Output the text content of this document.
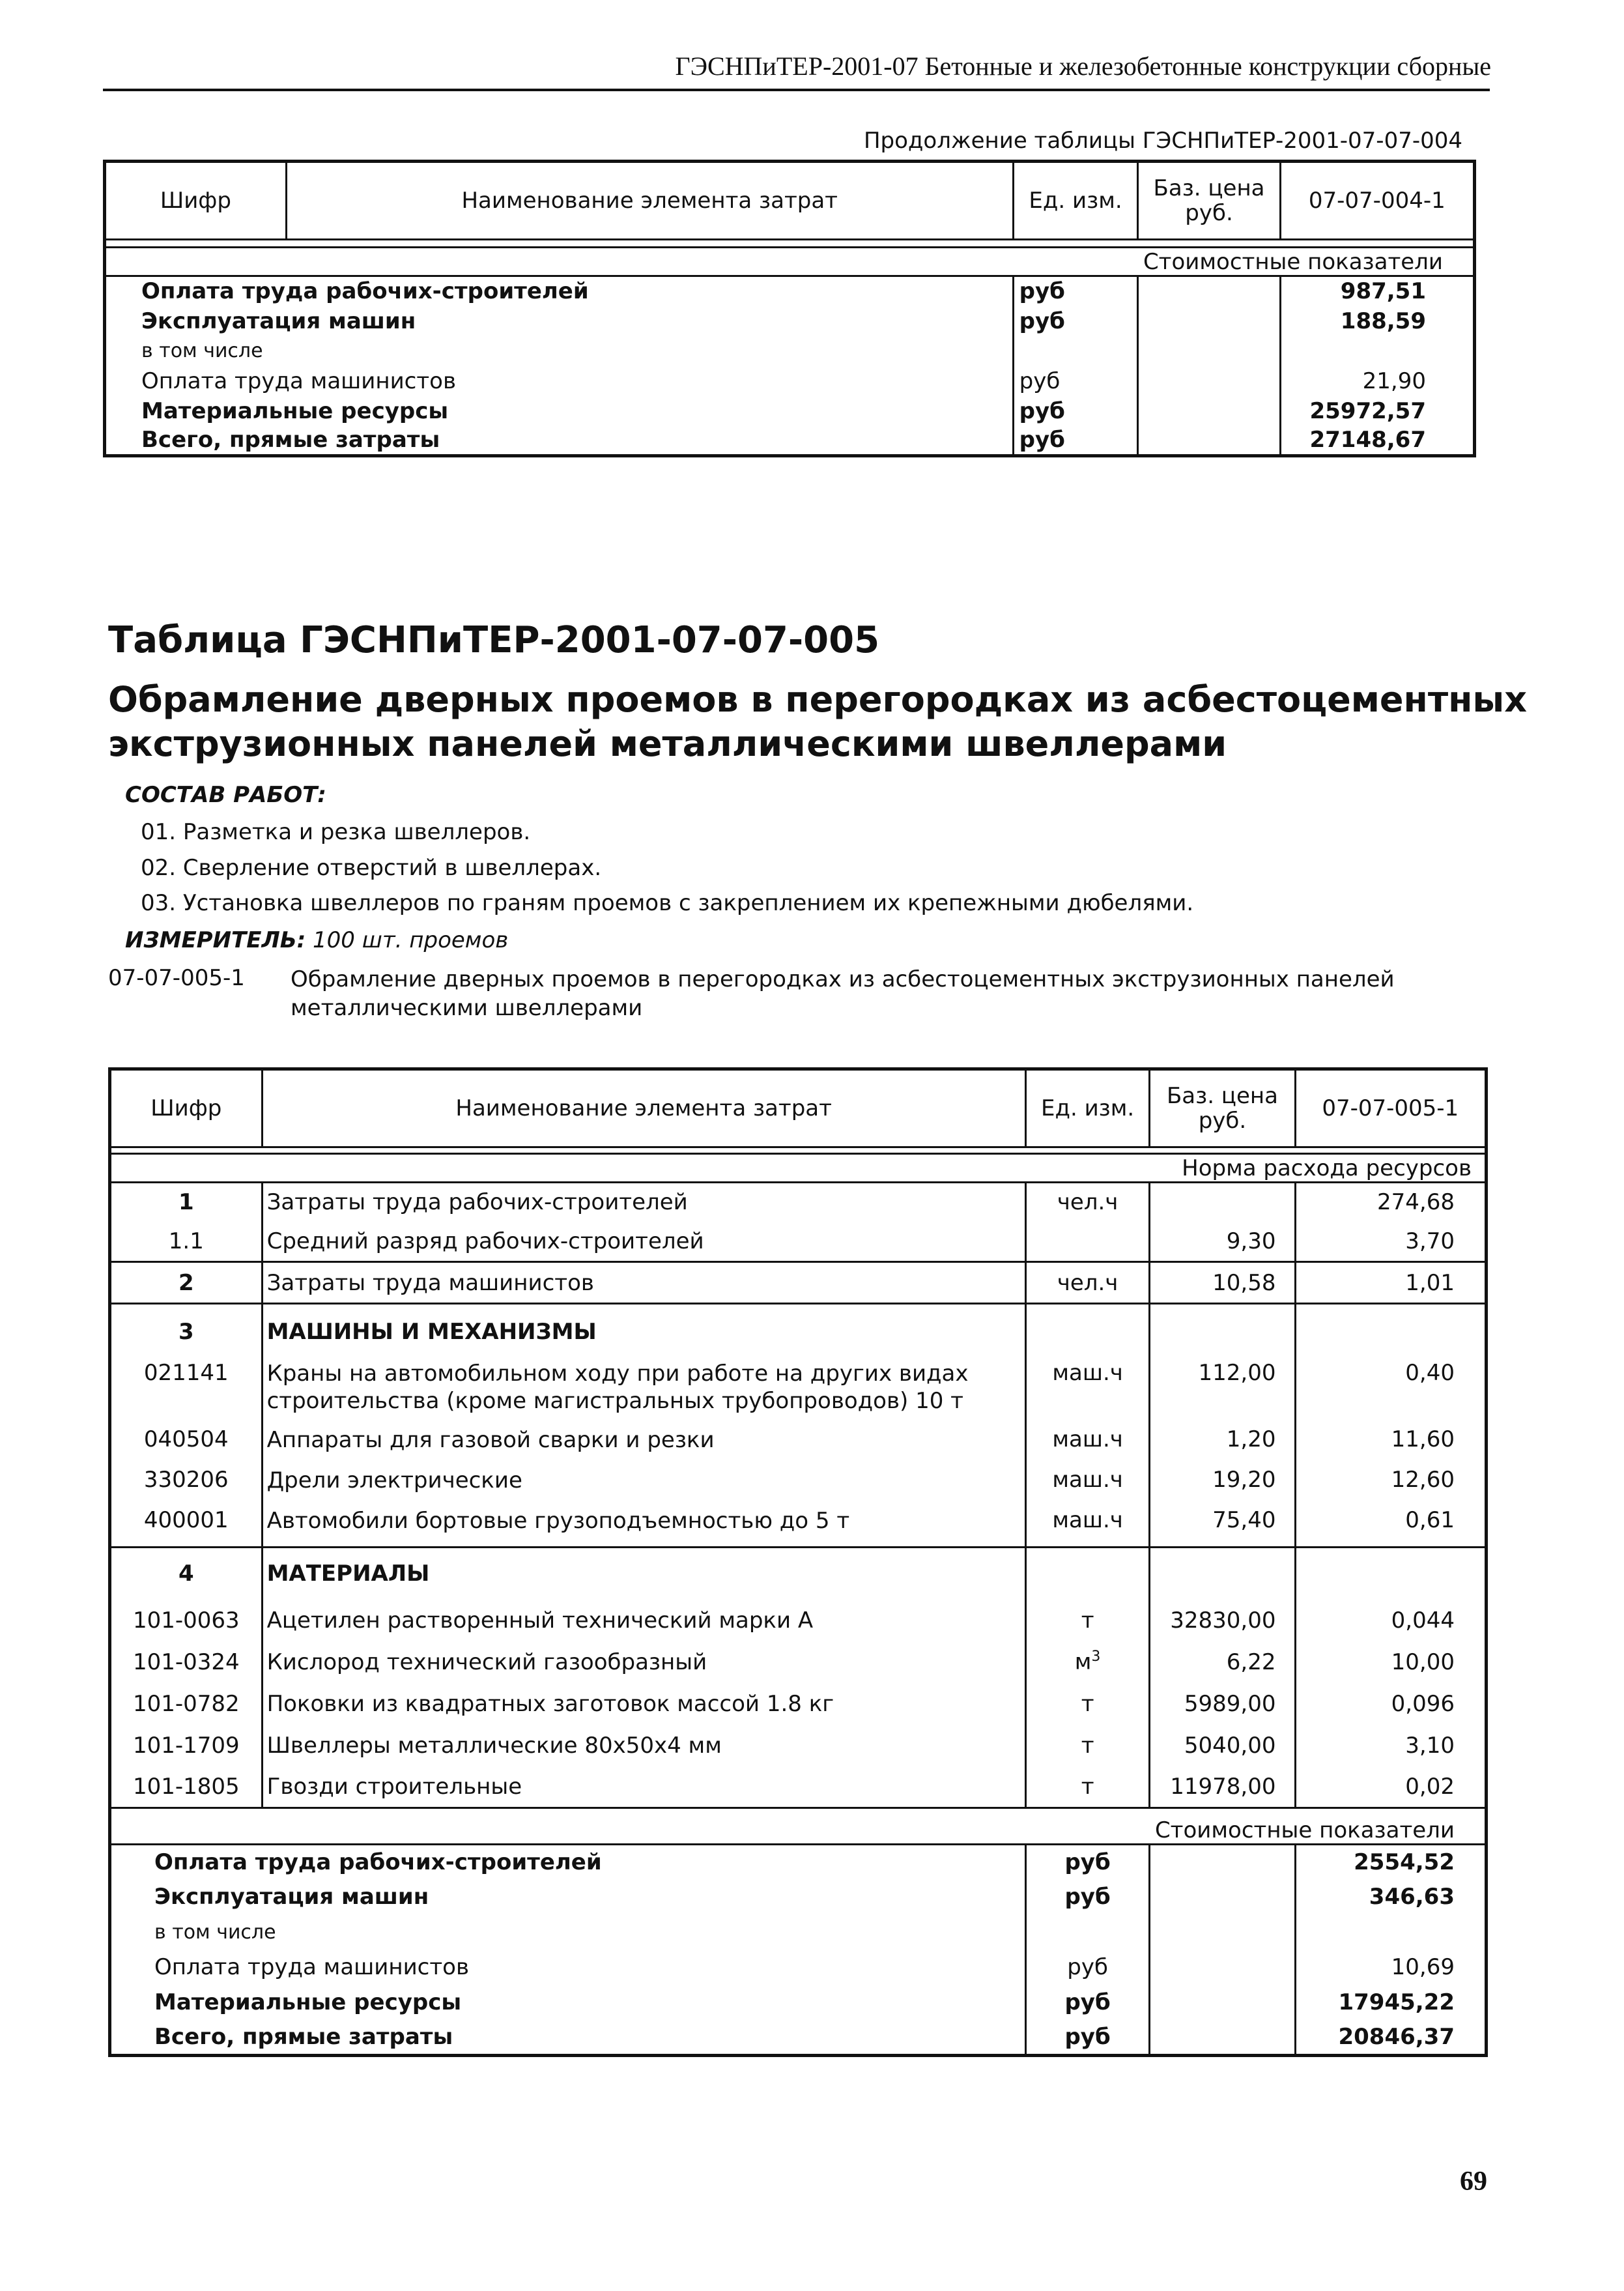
ГЭСНПиТЕР-2001-07 Бетонные и железобетонные конструкции сборные
Продолжение таблицы ГЭСНПиТЕР-2001-07-07-004
Шифр	Наименование элемента затрат	Ед. изм.	Баз. цена руб.	07-07-004-1

			Стоимостные показатели	
Оплата труда рабочих-строителей		руб		987,51
Эксплуатация машин		руб		188,59
в том числе				
Оплата труда машинистов		руб		21,90
Материальные ресурсы		руб		25972,57
Всего, прямые затраты		руб		27148,67
Таблица ГЭСНПиТЕР-2001-07-07-005
Обрамление дверных проемов в перегородках из асбестоцементных
экструзионных панелей металлическими швеллерами
СОСТАВ РАБОТ:
01. Разметка и резка швеллеров.
02. Сверление отверстий в швеллерах.
03. Установка швеллеров по граням проемов с закреплением их крепежными дюбелями.
ИЗМЕРИТЕЛЬ: 100 шт. проемов
07-07-005-1 Обрамление дверных проемов в перегородках из асбестоцементных экструзионных панелей
металлическими швеллерами
Шифр	Наименование элемента затрат	Ед. изм.	Баз. цена руб.	07-07-005-1

			Норма расхода ресурсов	
1	Затраты труда рабочих-строителей	чел.ч		274,68
1.1	Средний разряд рабочих-строителей		9,30	3,70
2	Затраты труда машинистов	чел.ч	10,58	1,01
3	МАШИНЫ И МЕХАНИЗМЫ			
021141	Краны на автомобильном ходу при работе на других видах
строительства (кроме магистральных трубопроводов) 10 т	маш.ч	112,00	0,40
040504	Аппараты для газовой сварки и резки	маш.ч	1,20	11,60
330206	Дрели электрические	маш.ч	19,20	12,60
400001	Автомобили бортовые грузоподъемностью до 5 т	маш.ч	75,40	0,61
4	МАТЕРИАЛЫ			
101-0063	Ацетилен растворенный технический марки А	т	32830,00	0,044
101-0324	Кислород технический газообразный	$м^3$	6,22	10,00
101-0782	Поковки из квадратных заготовок массой 1.8 кг	т	5989,00	0,096
101-1709	Швеллеры металлические 80х50х4 мм	т	5040,00	3,10
101-1805	Гвозди строительные	т	11978,00	0,02

			Стоимостные показатели	
Оплата труда рабочих-строителей		руб		2554,52
Эксплуатация машин		руб		346,63
в том числе				
Оплата труда машинистов		руб		10,69
Материальные ресурсы		руб		17945,22
Всего, прямые затраты		руб		20846,37
69
